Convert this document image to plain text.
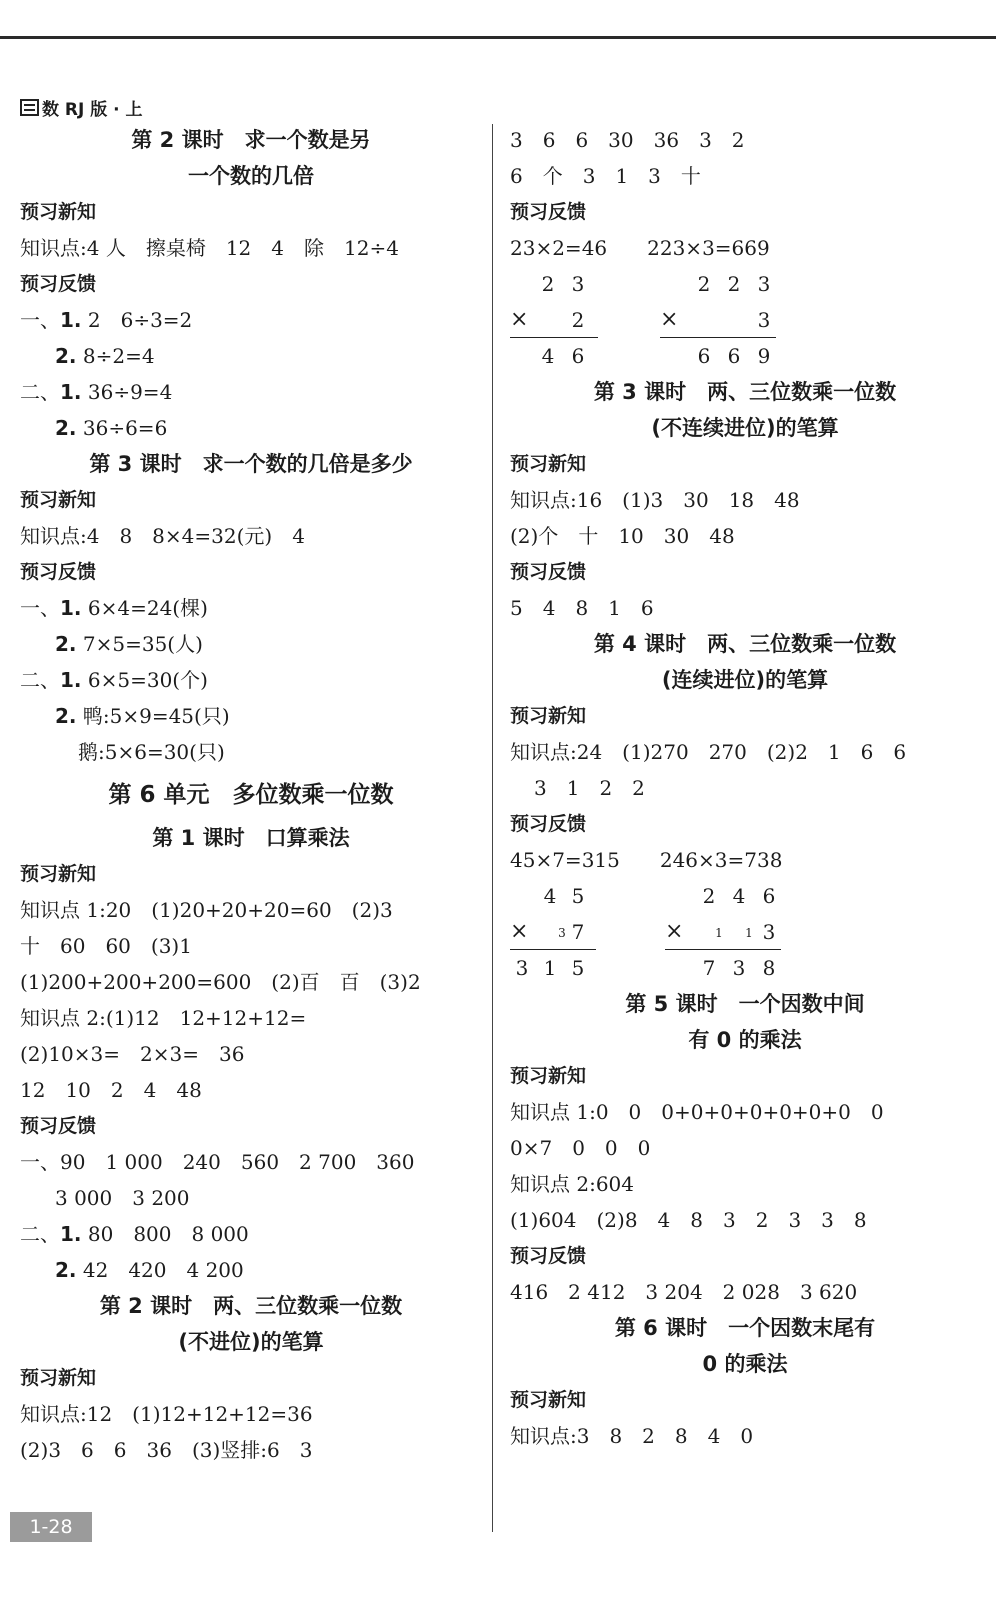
数 RJ 版 · 上
第 2 课时　求一个数是另
一个数的几倍
预习新知
知识点:4 人　擦桌椅　12　4　除　12÷4
预习反馈
一、1. 2　6÷3=2
2. 8÷2=4
二、1. 36÷9=4
2. 36÷6=6
第 3 课时　求一个数的几倍是多少
预习新知
知识点:4　8　8×4=32(元)　4
预习反馈
一、1. 6×4=24(棵)
2. 7×5=35(人)
二、1. 6×5=30(个)
2. 鸭:5×9=45(只)
鹅:5×6=30(只)
第 6 单元　多位数乘一位数
第 1 课时　口算乘法
预习新知
知识点 1:20　(1)20+20+20=60　(2)3
十　60　60　(3)1
(1)200+200+200=600　(2)百　百　(3)2
知识点 2:(1)12　12+12+12=
(2)10×3=　2×3=　36
12　10　2　4　48
预习反馈
一、90　1 000　240　560　2 700　360
3 000　3 200
二、1. 80　800　8 000
2. 42　420　4 200
第 2 课时　两、三位数乘一位数
(不进位)的笔算
预习新知
知识点:12　(1)12+12+12=36
(2)3　6　6　36　(3)竖排:6　3
3　6　6　30　36　3　2
6　个　3　1　3　十
预习反馈
23×2=46　　223×3=669
2 3	2 2 3
× 2	×	3
4 6	6 6 9
第 3 课时　两、三位数乘一位数
(不连续进位)的笔算
预习新知
知识点:16　(1)3　30　18　48
(2)个　十　10　30　48
预习反馈
5　4　8　1　6
第 4 课时　两、三位数乘一位数
(连续进位)的笔算
预习新知
知识点:24　(1)270　270　(2)2　1　6　6
3　1　2　2
预习反馈
45×7=315　　246×3=738
4 5	2 4 6
× 3 7	×	1 1 3
3 1 5	7 3 8
第 5 课时　一个因数中间
有 0 的乘法
预习新知
知识点 1:0　0　0+0+0+0+0+0+0　0
0×7　0　0　0
知识点 2:604
(1)604　(2)8　4　8　3　2　3　3　8
预习反馈
416　2 412　3 204　2 028　3 620
第 6 课时　一个因数末尾有
0 的乘法
预习新知
知识点:3　8　2　8　4　0
1-28
